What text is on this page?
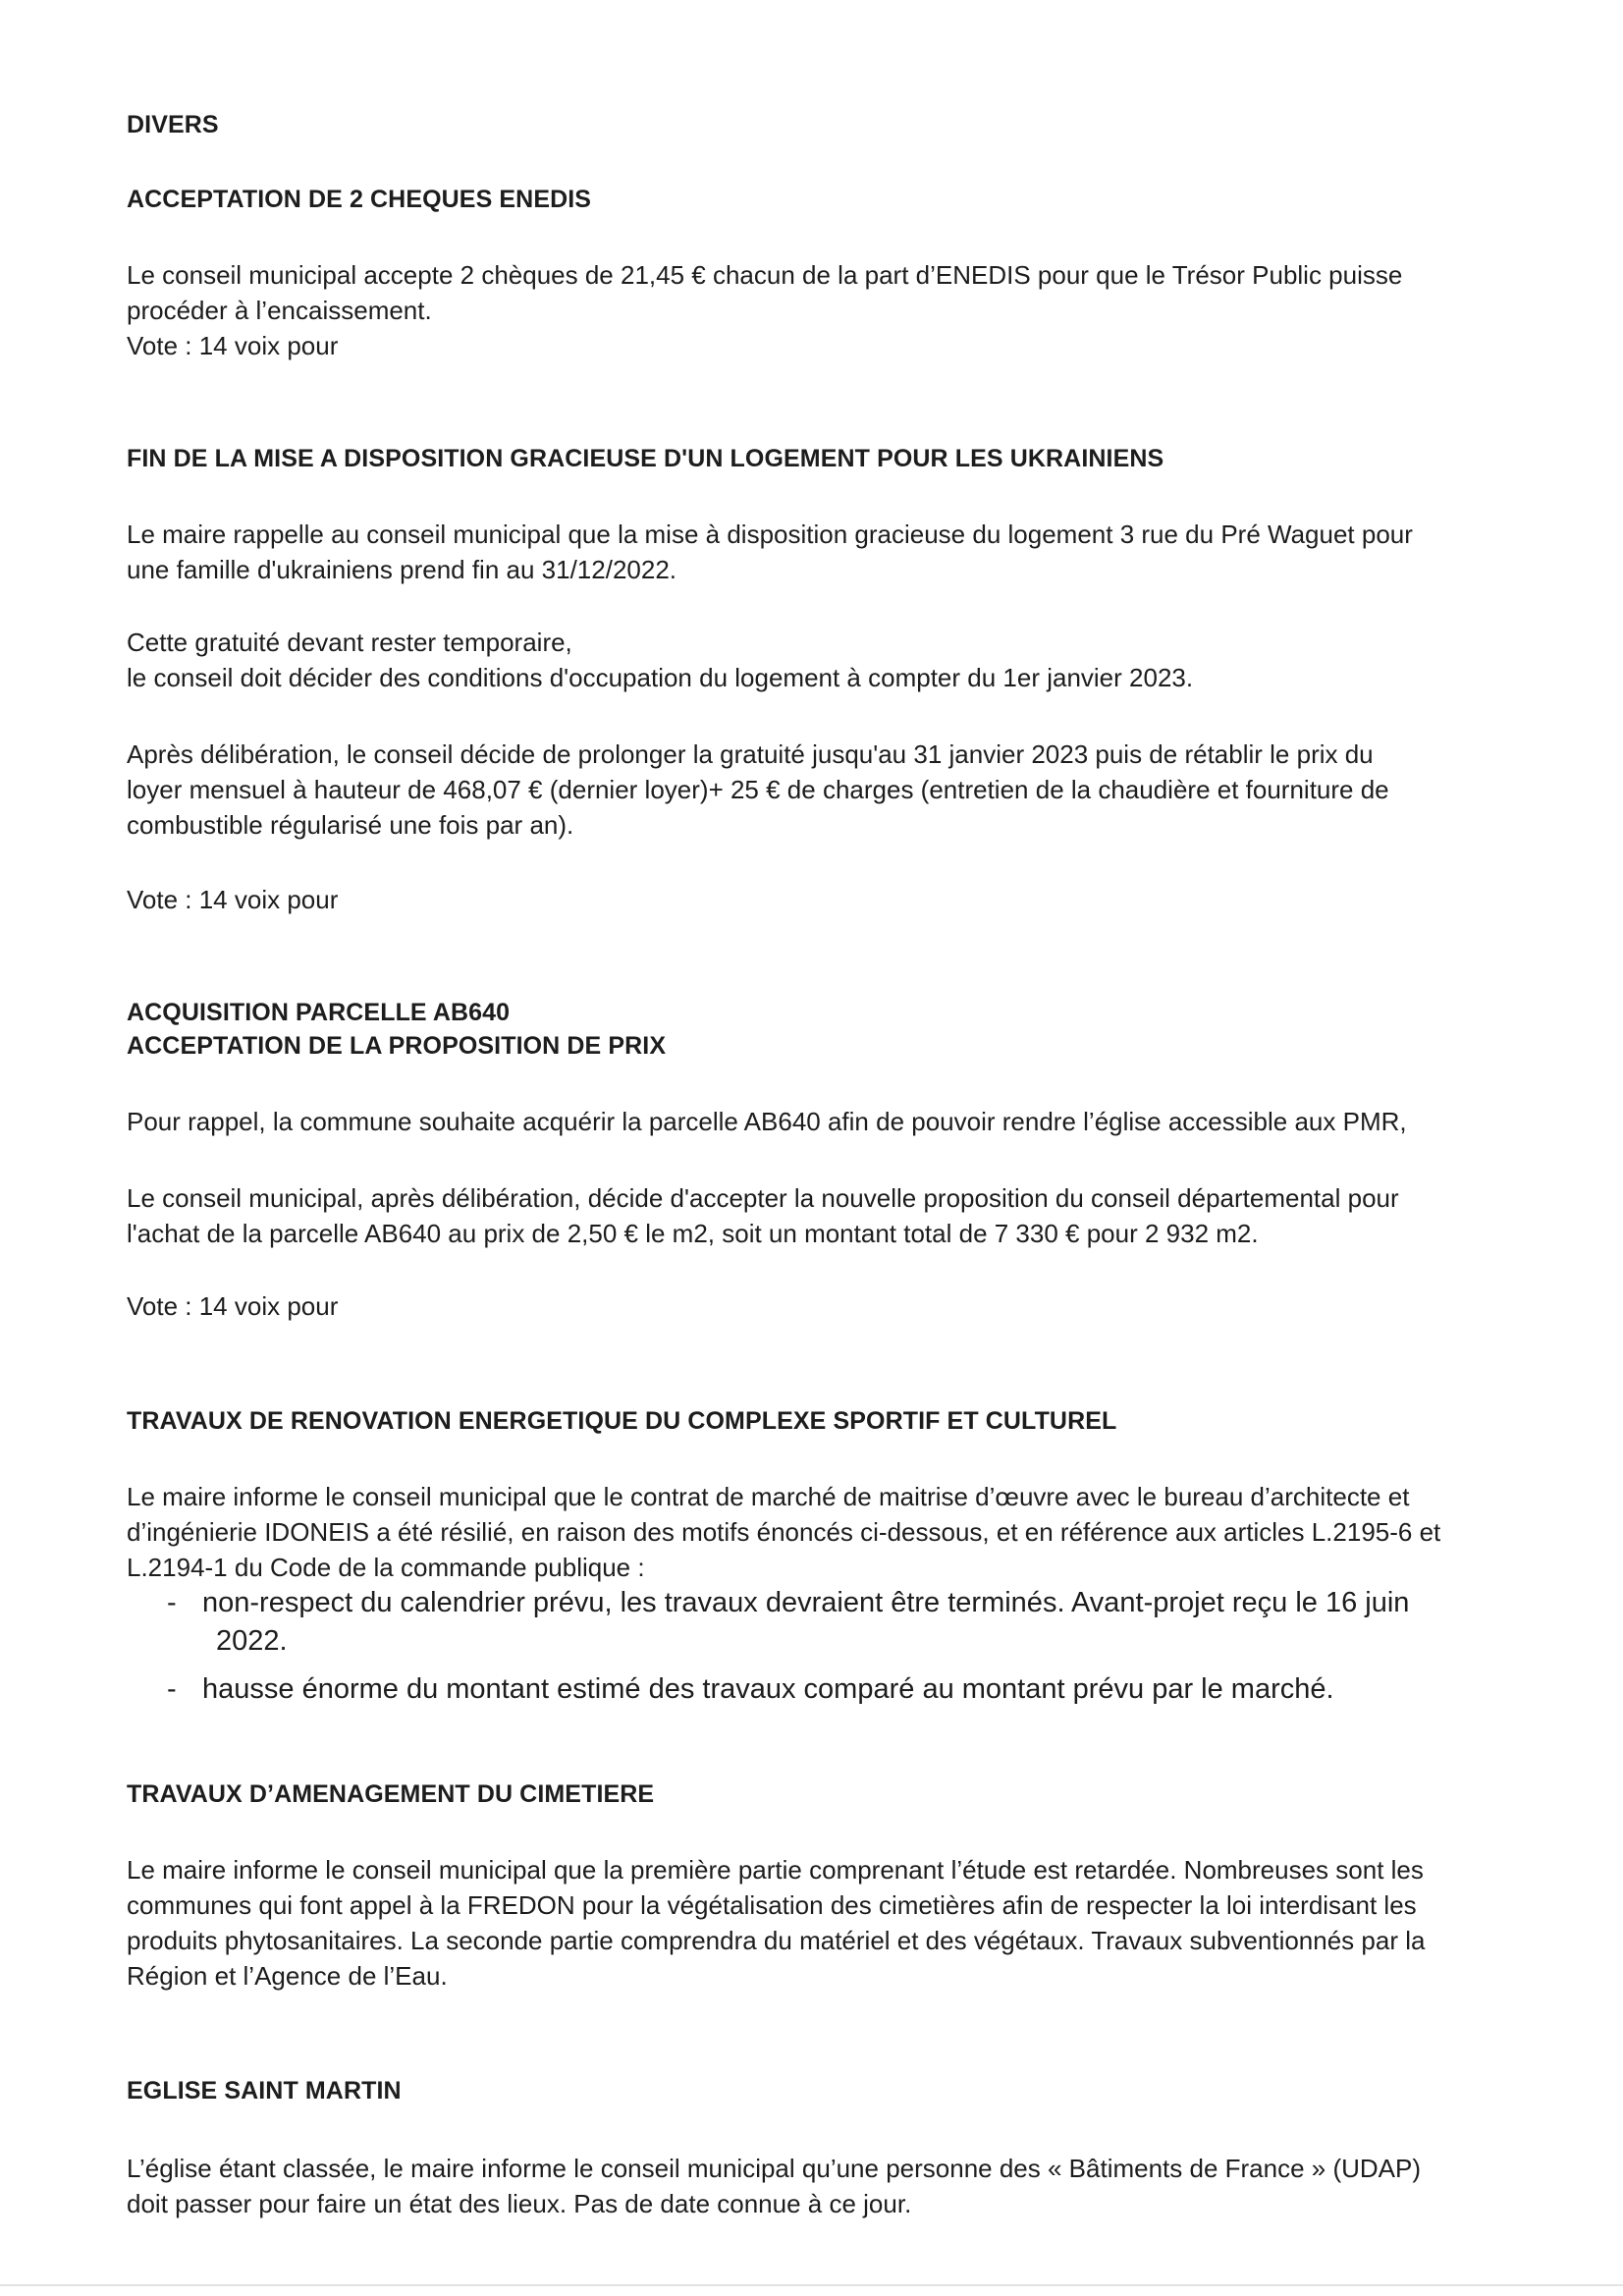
DIVERS
ACCEPTATION DE 2 CHEQUES ENEDIS
Le conseil municipal accepte 2 chèques de 21,45 € chacun de la part d’ENEDIS pour que le Trésor Public puisse
procéder à l’encaissement.
Vote : 14 voix pour
FIN DE LA MISE A DISPOSITION GRACIEUSE D'UN LOGEMENT POUR LES UKRAINIENS
Le maire rappelle au conseil municipal que la mise à disposition gracieuse du logement 3 rue du Pré Waguet pour
une famille d'ukrainiens prend fin au 31/12/2022.
Cette gratuité devant rester temporaire,
le conseil doit décider des conditions d'occupation du logement à compter du 1er janvier 2023.
Après délibération, le conseil décide de prolonger la gratuité jusqu'au 31 janvier 2023 puis de rétablir le prix du
loyer mensuel à hauteur de 468,07 € (dernier loyer)+ 25 € de charges (entretien de la chaudière et fourniture de
combustible régularisé une fois par an).
Vote : 14 voix pour
ACQUISITION PARCELLE AB640
ACCEPTATION DE LA PROPOSITION DE PRIX
Pour rappel, la commune souhaite acquérir la parcelle AB640 afin de pouvoir rendre l’église accessible aux PMR,
Le conseil municipal, après délibération, décide d'accepter la nouvelle proposition du conseil départemental pour
l'achat de la parcelle AB640 au prix de 2,50 € le m2, soit un montant total de 7 330 € pour 2 932 m2.
Vote : 14 voix pour
TRAVAUX DE RENOVATION ENERGETIQUE DU COMPLEXE SPORTIF ET CULTUREL
Le maire informe le conseil municipal que le contrat de marché de maitrise d’œuvre avec le bureau d’architecte et
d’ingénierie IDONEIS a été résilié, en raison des motifs énoncés ci-dessous, et en référence aux articles L.2195-6 et
L.2194-1 du Code de la commande publique :
- non-respect du calendrier prévu, les travaux devraient être terminés. Avant-projet reçu le 16 juin
2022.
- hausse énorme du montant estimé des travaux comparé au montant prévu par le marché.
TRAVAUX D’AMENAGEMENT DU CIMETIERE
Le maire informe le conseil municipal que la première partie comprenant l’étude est retardée. Nombreuses sont les
communes qui font appel à la FREDON pour la végétalisation des cimetières afin de respecter la loi interdisant les
produits phytosanitaires. La seconde partie comprendra du matériel et des végétaux. Travaux subventionnés par la
Région et l’Agence de l’Eau.
EGLISE SAINT MARTIN
L’église étant classée, le maire informe le conseil municipal qu’une personne des « Bâtiments de France » (UDAP)
doit passer pour faire un état des lieux. Pas de date connue à ce jour.
